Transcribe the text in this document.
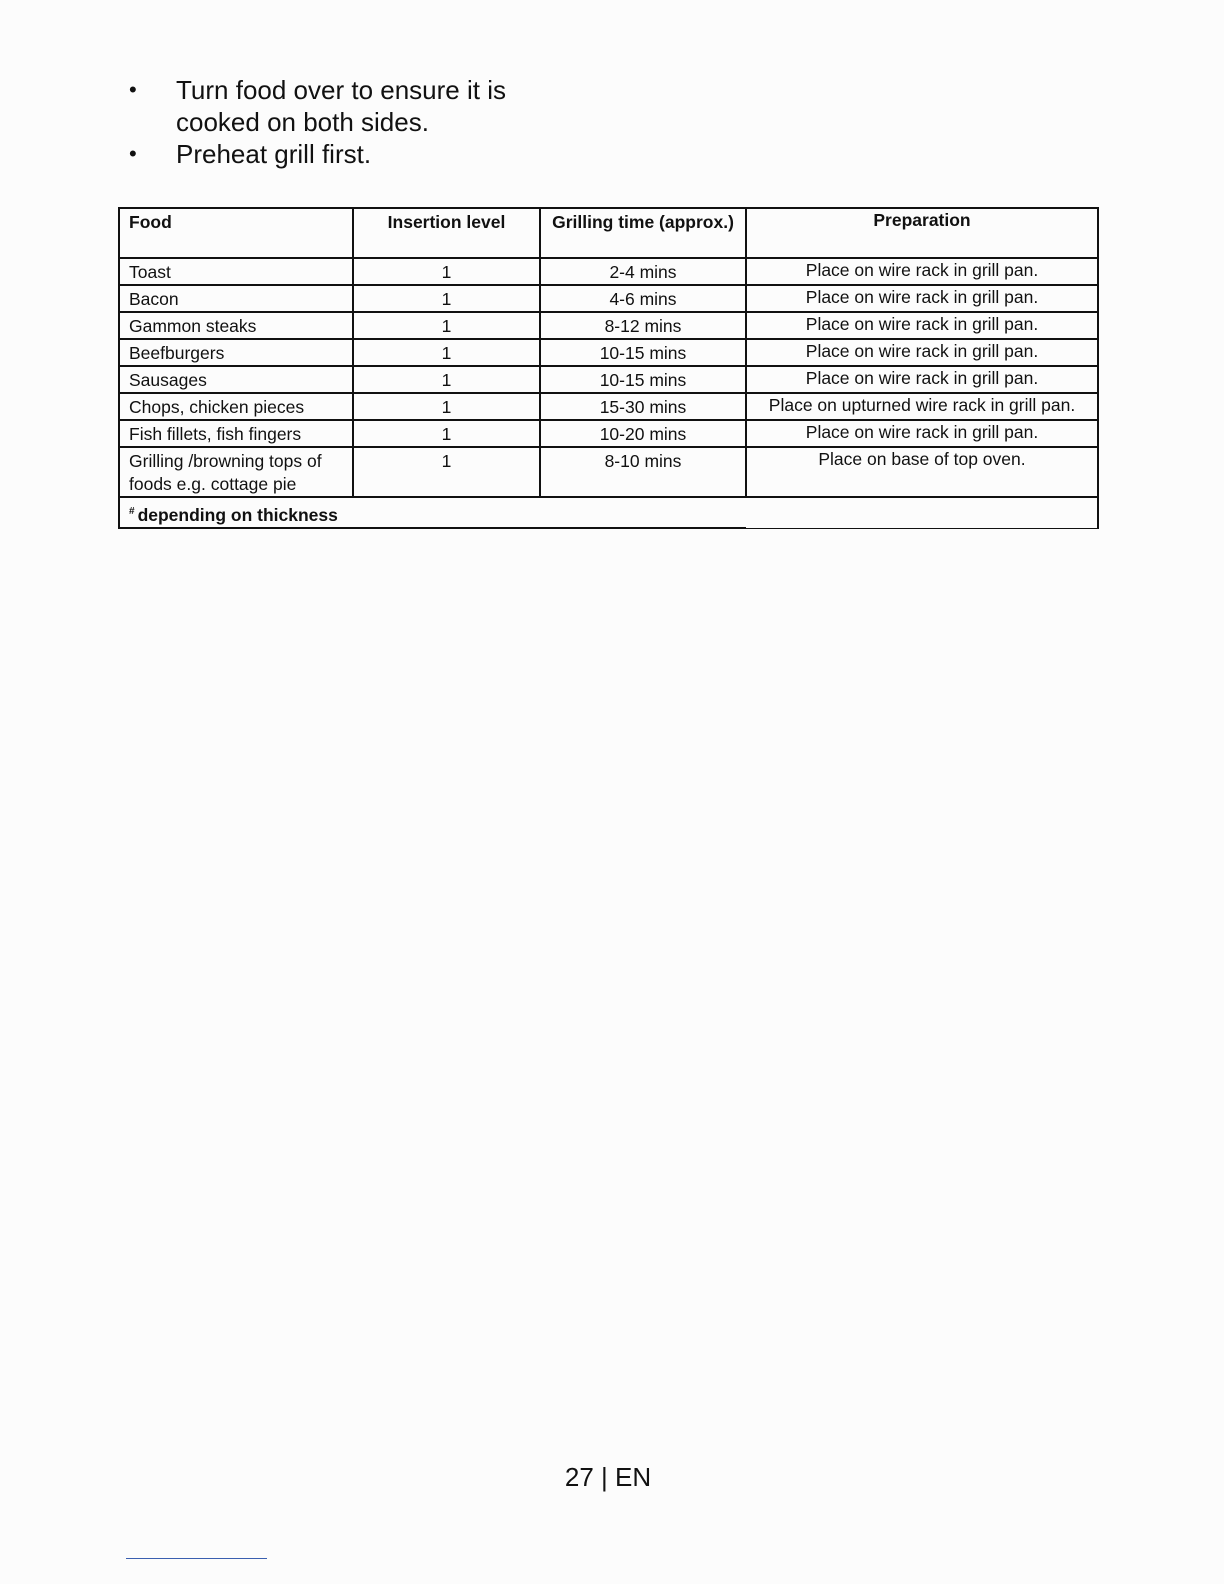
• Turn food over to ensure it is cooked on both sides.
• Preheat grill first.
Food	Insertion level	Grilling time (approx.)	Preparation
Toast	1	2-4 mins	Place on wire rack in grill pan.
Bacon	1	4-6 mins	Place on wire rack in grill pan.
Gammon steaks	1	8-12 mins	Place on wire rack in grill pan.
Beefburgers	1	10-15 mins	Place on wire rack in grill pan.
Sausages	1	10-15 mins	Place on wire rack in grill pan.
Chops, chicken pieces	1	15-30 mins	Place on upturned wire rack in grill pan.
Fish fillets, fish fingers	1	10-20 mins	Place on wire rack in grill pan.
Grilling /browning tops of foods e.g. cottage pie	1	8-10 mins	Place on base of top oven.
# depending on thickness			
27 | EN
